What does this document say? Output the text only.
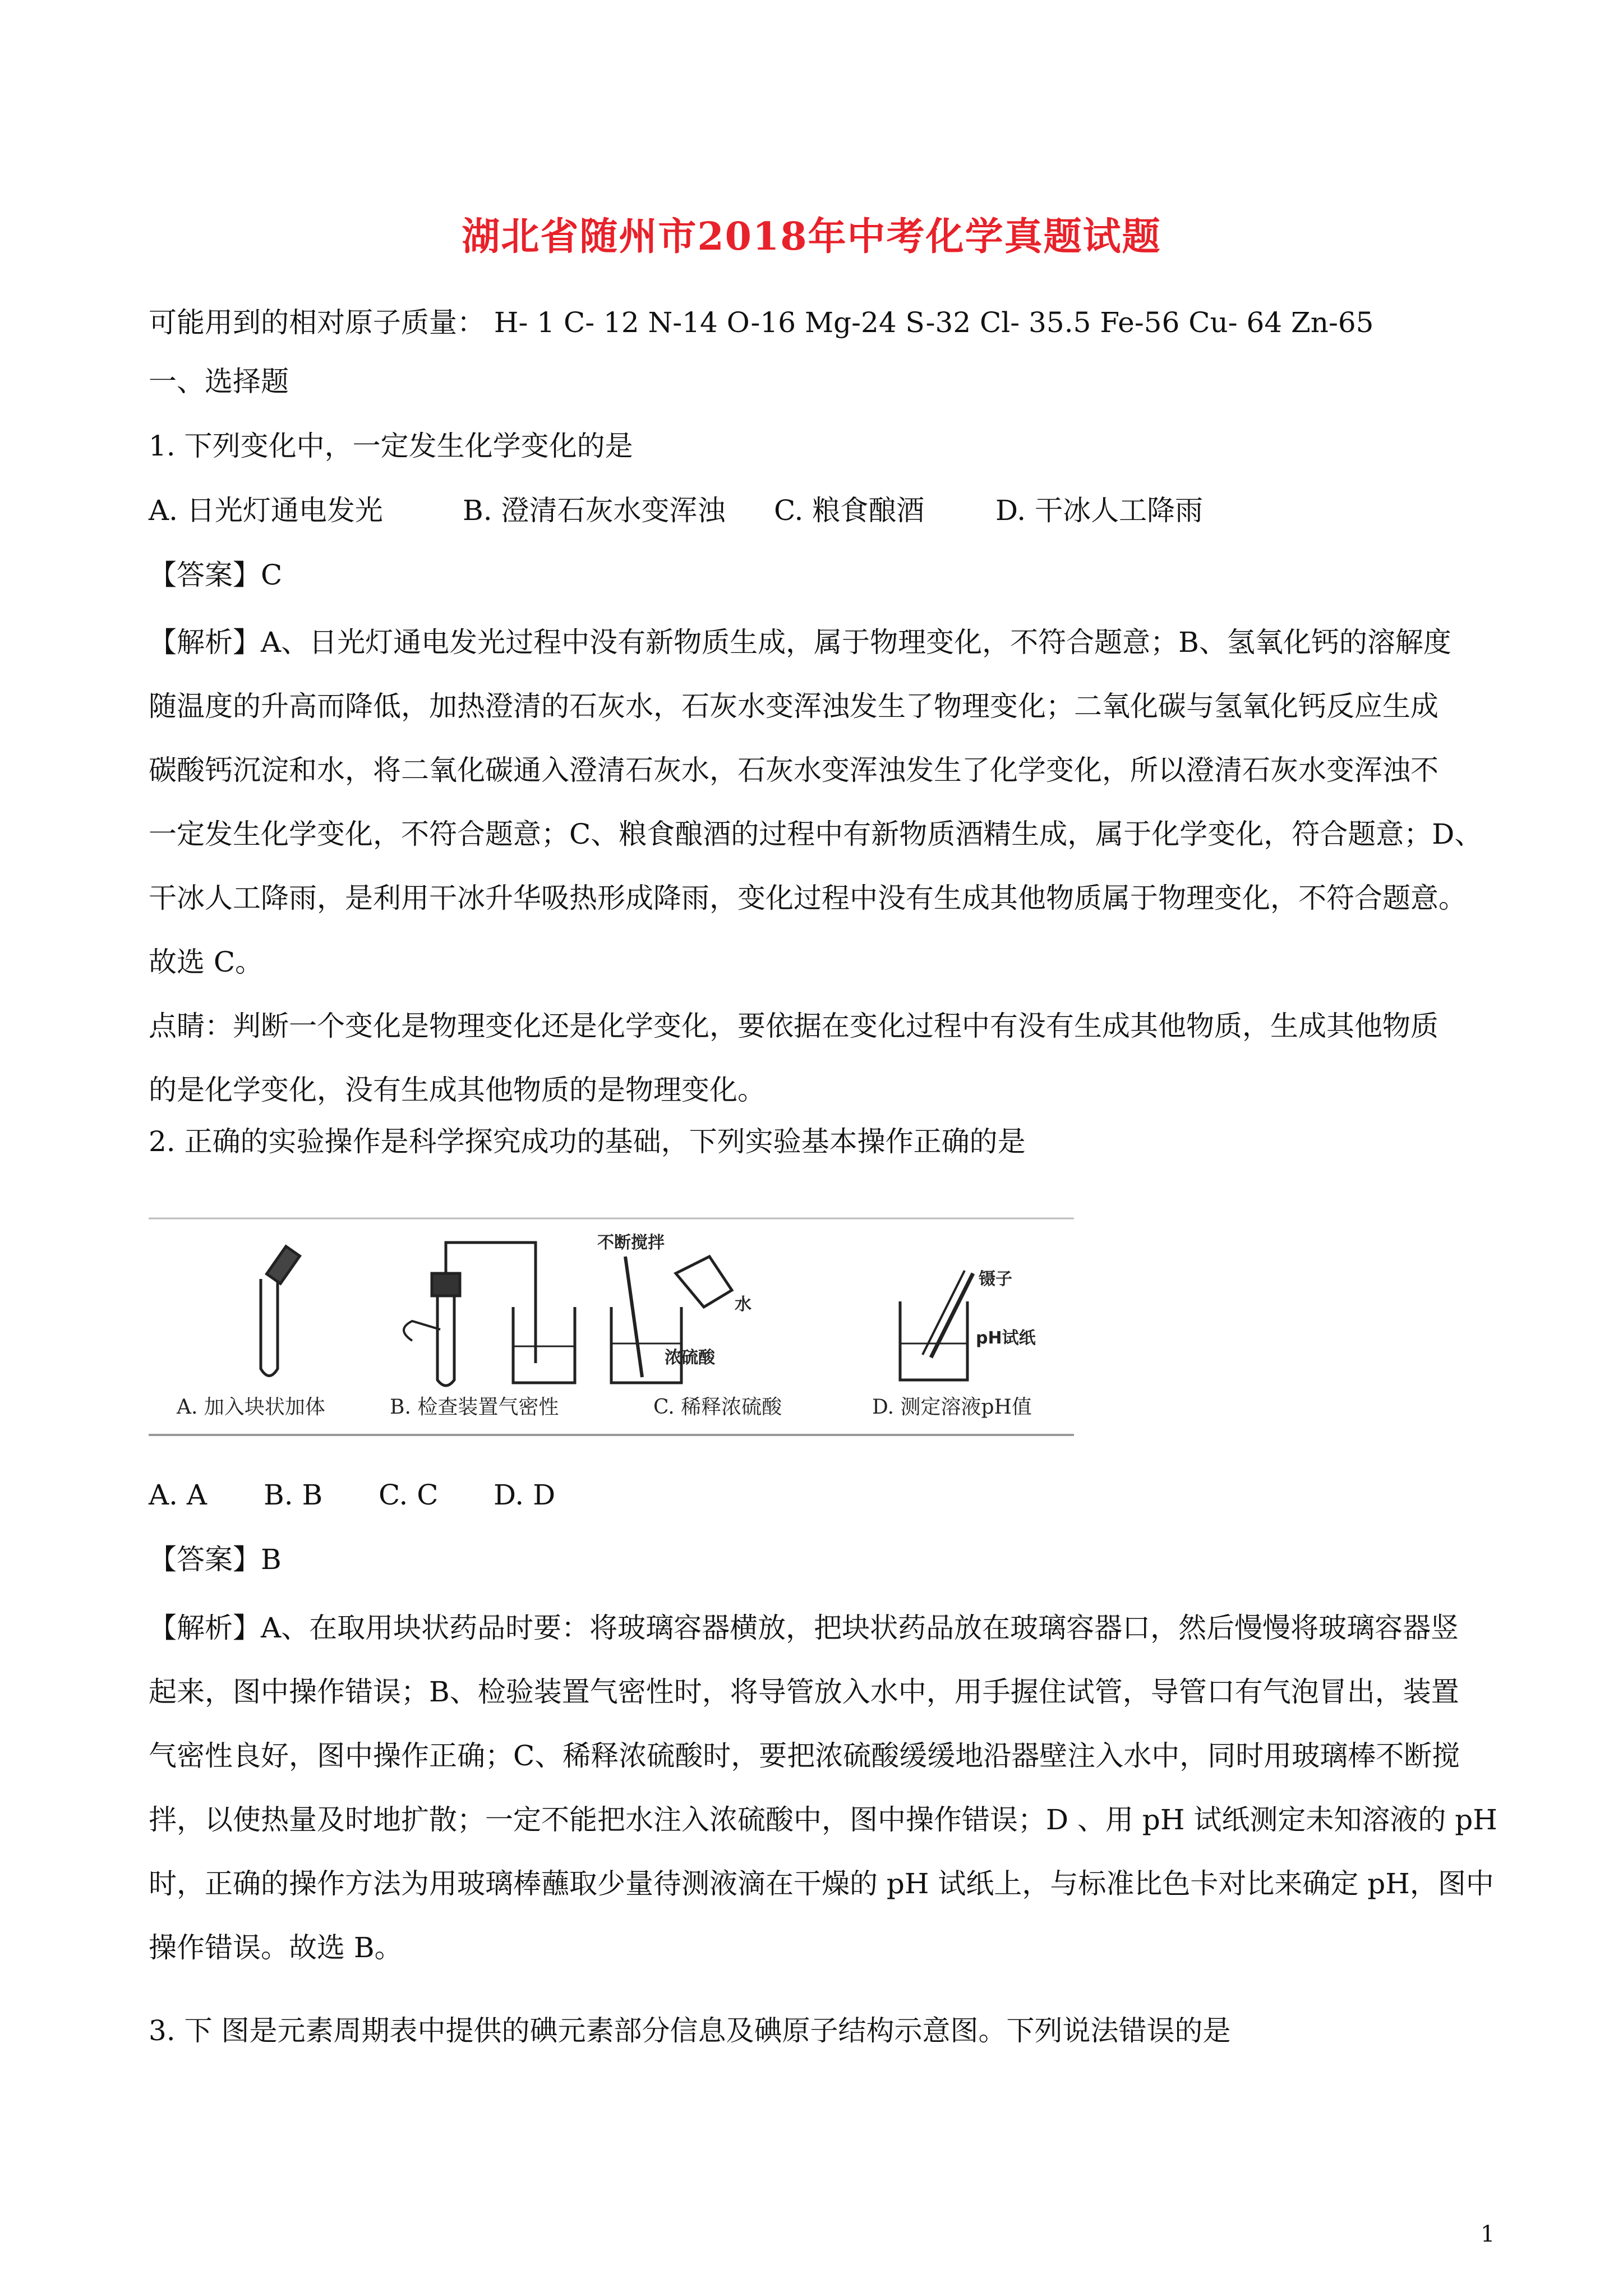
湖北省随州市2018年中考化学真题试题
可能用到的相对原子质量： H- 1 C- 12 N-14 O-16 Mg-24 S-32 Cl- 35.5 Fe-56 Cu- 64 Zn-65
一、选择题
1. 下列变化中，一定发生化学变化的是
A. 日光灯通电发光	B. 澄清石灰水变浑浊 C. 粮食酿酒	D. 干冰人工降雨
【答案】C
【解析】A、日光灯通电发光过程中没有新物质生成，属于物理变化，不符合题意；B、氢氧化钙的溶解度
随温度的升高而降低，加热澄清的石灰水，石灰水变浑浊发生了物理变化；二氧化碳与氢氧化钙反应生成
碳酸钙沉淀和水，将二氧化碳通入澄清石灰水，石灰水变浑浊发生了化学变化，所以澄清石灰水变浑浊不
一定发生化学变化，不符合题意；C、粮食酿酒的过程中有新物质酒精生成，属于化学变化，符合题意；D、
干冰人工降雨，是利用干冰升华吸热形成降雨，变化过程中没有生成其他物质属于物理变化，不符合题意。
故选 C。
点睛：判断一个变化是物理变化还是化学变化，要依据在变化过程中有没有生成其他物质，生成其他物质
的是化学变化，没有生成其他物质的是物理变化。
2. 正确的实验操作是科学探究成功的基础，下列实验基本操作正确的是
不断搅拌
水
浓硫酸
镊子
pH试纸
A. 加入块状加体	B. 检查装置气密性	C. 稀释浓硫酸	D. 测定溶液pH值
A. A B. B C. C D. D
【答案】B
【解析】A、在取用块状药品时要：将玻璃容器横放，把块状药品放在玻璃容器口，然后慢慢将玻璃容器竖
起来，图中操作错误；B、检验装置气密性时，将导管放入水中，用手握住试管，导管口有气泡冒出，装置
气密性良好，图中操作正确；C、稀释浓硫酸时，要把浓硫酸缓缓地沿器壁注入水中，同时用玻璃棒不断搅
拌，以使热量及时地扩散；一定不能把水注入浓硫酸中，图中操作错误；D 、用 pH 试纸测定未知溶液的 pH
时，正确的操作方法为用玻璃棒蘸取少量待测液滴在干燥的 pH 试纸上，与标准比色卡对比来确定 pH，图中
操作错误。故选 B。
3. 下 图是元素周期表中提供的碘元素部分信息及碘原子结构示意图。下列说法错误的是
1
